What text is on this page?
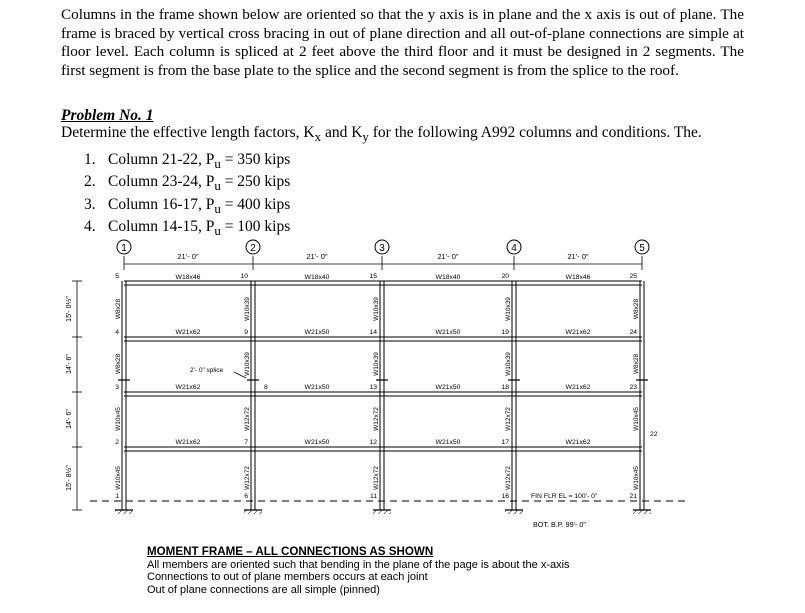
Columns in the frame shown below are oriented so that the y axis is in plane and the x axis is out of plane. The frame is braced by vertical cross bracing in out of plane direction and all out-of-plane connections are simple at floor level. Each column is spliced at 2 feet above the third floor and it must be designed in 2 segments. The first segment is from the base plate to the splice and the second segment is from the splice to the roof.

Problem No. 1

Determine the effective length factors, $K_x$ and $K_y$ for the following A992 columns and conditions. The.

1. Column 21-22, $P_u = 350$ kips
2. Column 23-24, $P_u = 250$ kips
3. Column 16-17, $P_u = 400$ kips
4. Column 14-15, $P_u = 100$ kips
1	2	3	4	5
21'- 0"	21'- 0"	21'- 0"	21'- 0"
15'- 0½"
14'- 6"
14'- 6"
15'- 8½"
W18x46	W18x40	W18x40	W18x46
W21x62	W21x50	W21x50	W21x62
W21x62	W21x50	W21x50	W21x62
W21x62	W21x50	W21x50	W21x62
W8x28
W8x28
W10x45
W10x45
W10x39
W10x39
W12x72
W12x72
W10x39
W10x39
W12x72
W12x72
W10x39
W10x39
W12x72
W12x72
W8x28
W8x28
W10x45
W10x45
5
4
3
2
1
10
9
8
7
6
15
14
13
12
11
20
19
18
17
16
25
24
23
22
21
2'- 0" splice
FIN FLR EL = 100'- 0"
BOT. B.P. 99'- 0"
MOMENT FRAME – ALL CONNECTIONS AS SHOWN
All members are oriented such that bending in the plane of the page is about the x-axis
Connections to out of plane members occurs at each joint
Out of plane connections are all simple (pinned)
